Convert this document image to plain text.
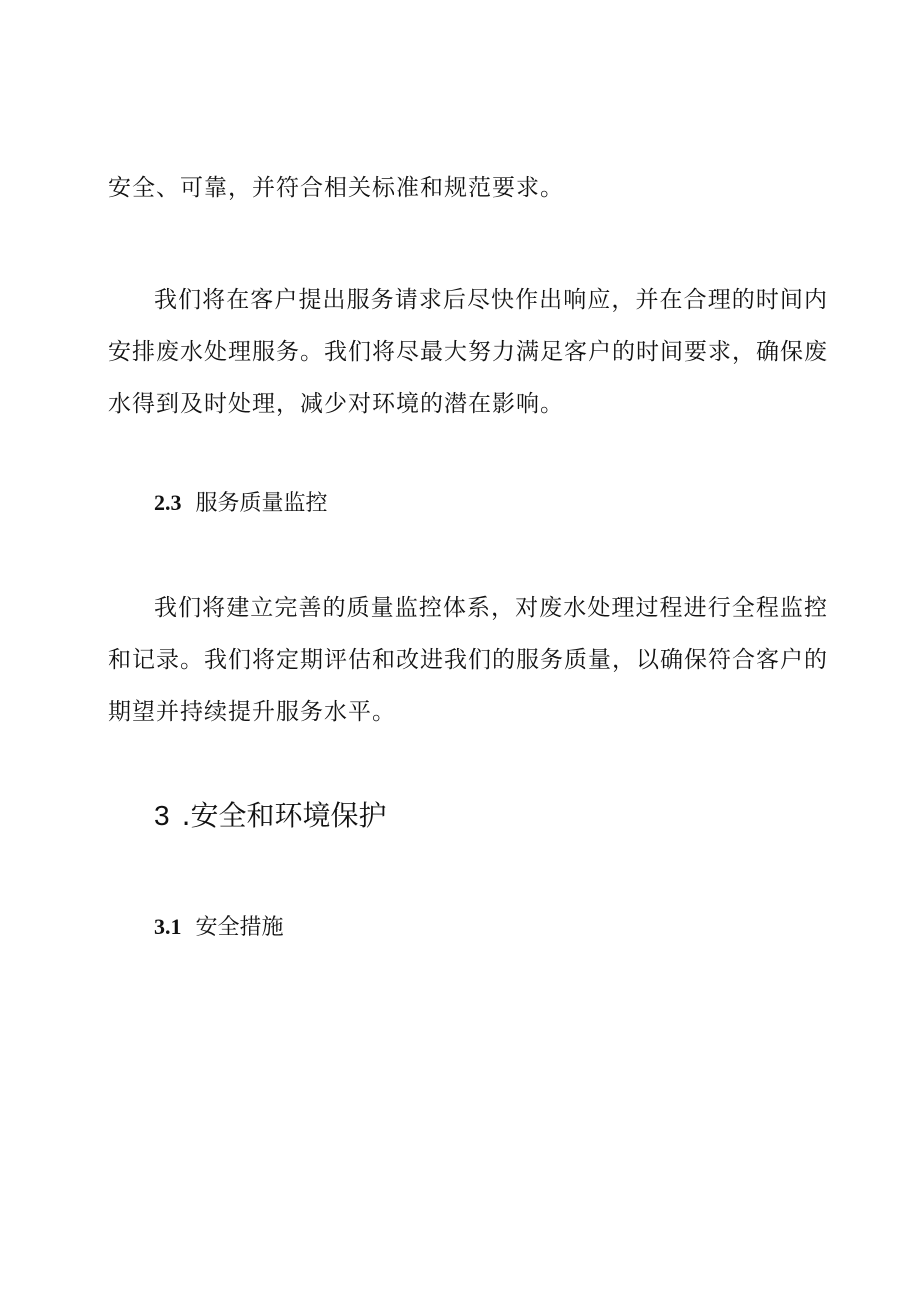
安全、可靠，并符合相关标准和规范要求。

我们将在客户提出服务请求后尽快作出响应，并在合理的时间内安排废水处理服务。我们将尽最大努力满足客户的时间要求，确保废水得到及时处理，减少对环境的潜在影响。

2.3 服务质量监控

我们将建立完善的质量监控体系，对废水处理过程进行全程监控和记录。我们将定期评估和改进我们的服务质量，以确保符合客户的期望并持续提升服务水平。

3 .安全和环境保护
3.1 安全措施
